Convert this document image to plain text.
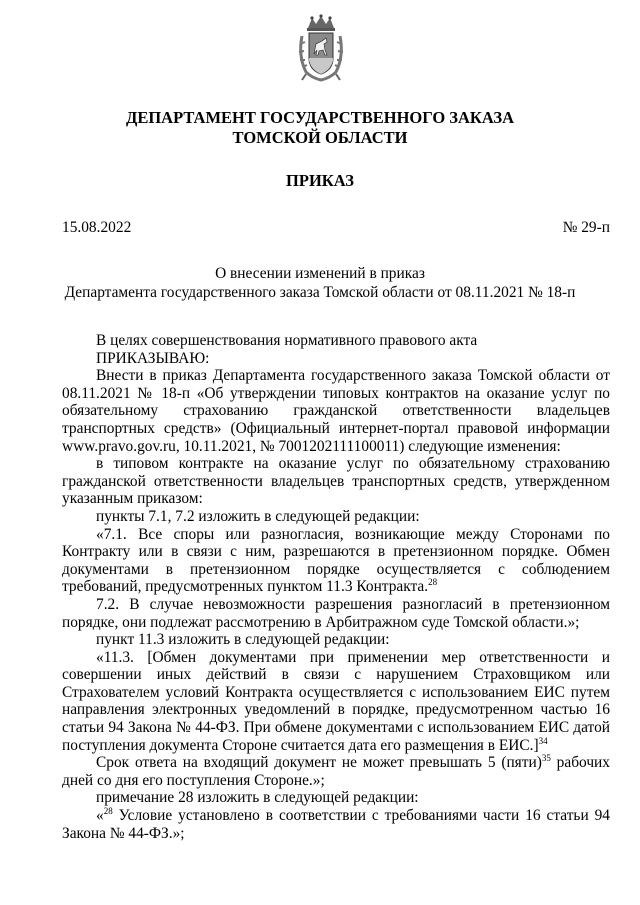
ДЕПАРТАМЕНТ ГОСУДАРСТВЕННОГО ЗАКАЗА
ТОМСКОЙ ОБЛАСТИ
ПРИКАЗ
15.08.2022	№ 29-п
О внесении изменений в приказ
Департамента государственного заказа Томской области от 08.11.2021 № 18-п

В целях совершенствования нормативного правового акта

ПРИКАЗЫВАЮ:

Внести в приказ Департамента государственного заказа Томской области от 08.11.2021 № 18-п «Об утверждении типовых контрактов на оказание услуг по обязательному страхованию гражданской ответственности владельцев транспортных средств» (Официальный интернет-портал правовой информации www.pravo.gov.ru, 10.11.2021, № 7001202111100011) следующие изменения:

в типовом контракте на оказание услуг по обязательному страхованию гражданской ответственности владельцев транспортных средств, утвержденном указанным приказом:

пункты 7.1, 7.2 изложить в следующей редакции:

«7.1. Все споры или разногласия, возникающие между Сторонами по Контракту или в связи с ним, разрешаются в претензионном порядке. Обмен документами в претензионном порядке осуществляется с соблюдением требований, предусмотренных пунктом 11.3 Контракта.$^{28}$

7.2. В случае невозможности разрешения разногласий в претензионном порядке, они подлежат рассмотрению в Арбитражном суде Томской области.»;

пункт 11.3 изложить в следующей редакции:

«11.3. [Обмен документами при применении мер ответственности и совершении иных действий в связи с нарушением Страховщиком или Страхователем условий Контракта осуществляется с использованием ЕИС путем направления электронных уведомлений в порядке, предусмотренном частью 16 статьи 94 Закона № 44-ФЗ. При обмене документами с использованием ЕИС датой поступления документа Стороне считается дата его размещения в ЕИС.]$^{34}$

Срок ответа на входящий документ не может превышать 5 (пяти)$^{35}$ рабочих дней со дня его поступления Стороне.»;

примечание 28 изложить в следующей редакции:

«$^{28}$ Условие установлено в соответствии с требованиями части 16 статьи 94 Закона № 44-ФЗ.»;
